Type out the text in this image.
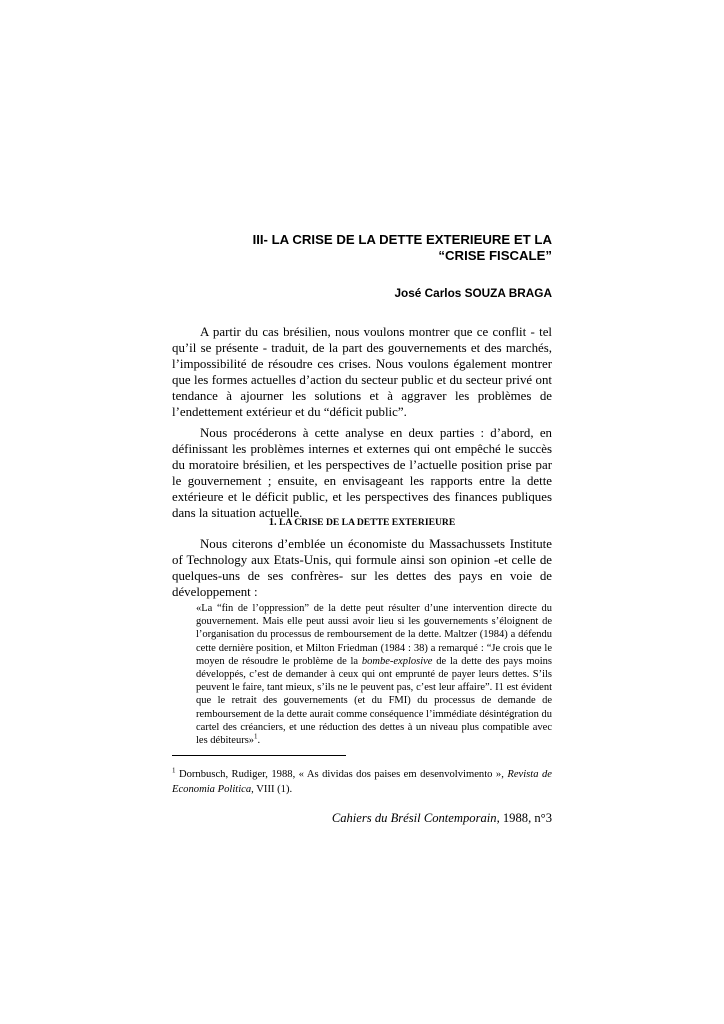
III- LA CRISE DE LA DETTE EXTERIEURE ET LA
“CRISE FISCALE”
José Carlos SOUZA BRAGA

A partir du cas brésilien, nous voulons montrer que ce conflit - tel qu’il se présente - traduit, de la part des gouvernements et des marchés, l’impossibilité de résoudre ces crises. Nous voulons également montrer que les formes actuelles d’action du secteur public et du secteur privé ont tendance à ajourner les solutions et à aggraver les problèmes de l’endettement extérieur et du “déficit public”.

Nous procéderons à cette analyse en deux parties : d’abord, en définissant les problèmes internes et externes qui ont empêché le succès du moratoire brésilien, et les perspectives de l’actuelle position prise par le gouvernement ; ensuite, en envisageant les rapports entre la dette extérieure et le déficit public, et les perspectives des finances publiques dans la situation actuelle.

1. LA CRISE DE LA DETTE EXTERIEURE

Nous citerons d’emblée un économiste du Massachussets Institute of Technology aux Etats-Unis, qui formule ainsi son opinion -et celle de quelques-uns de ses confrères- sur les dettes des pays en voie de développement :

«La “fin de l’oppression” de la dette peut résulter d’une intervention directe du gouvernement. Mais elle peut aussi avoir lieu si les gouvernements s’éloignent de l’organisation du processus de remboursement de la dette. Maltzer (1984) a défendu cette dernière position, et Milton Friedman (1984 : 38) a remarqué : “Je crois que le moyen de résoudre le problème de la bombe-explosive de la dette des pays moins développés, c’est de demander à ceux qui ont emprunté de payer leurs dettes. S’ils peuvent le faire, tant mieux, s’ils ne le peuvent pas, c’est leur affaire”. I1 est évident que le retrait des gouvernements (et du FMI) du processus de demande de remboursement de la dette aurait comme conséquence l’immédiate désintégration du cartel des créanciers, et une réduction des dettes à un niveau plus compatible avec les débiteurs»$^1$.

$^1$ Dornbusch, Rudiger, 1988, « As dividas dos paises em desenvolvimento », Revista de Economia Politica, VIII (1).

Cahiers du Brésil Contemporain, 1988, n°3
